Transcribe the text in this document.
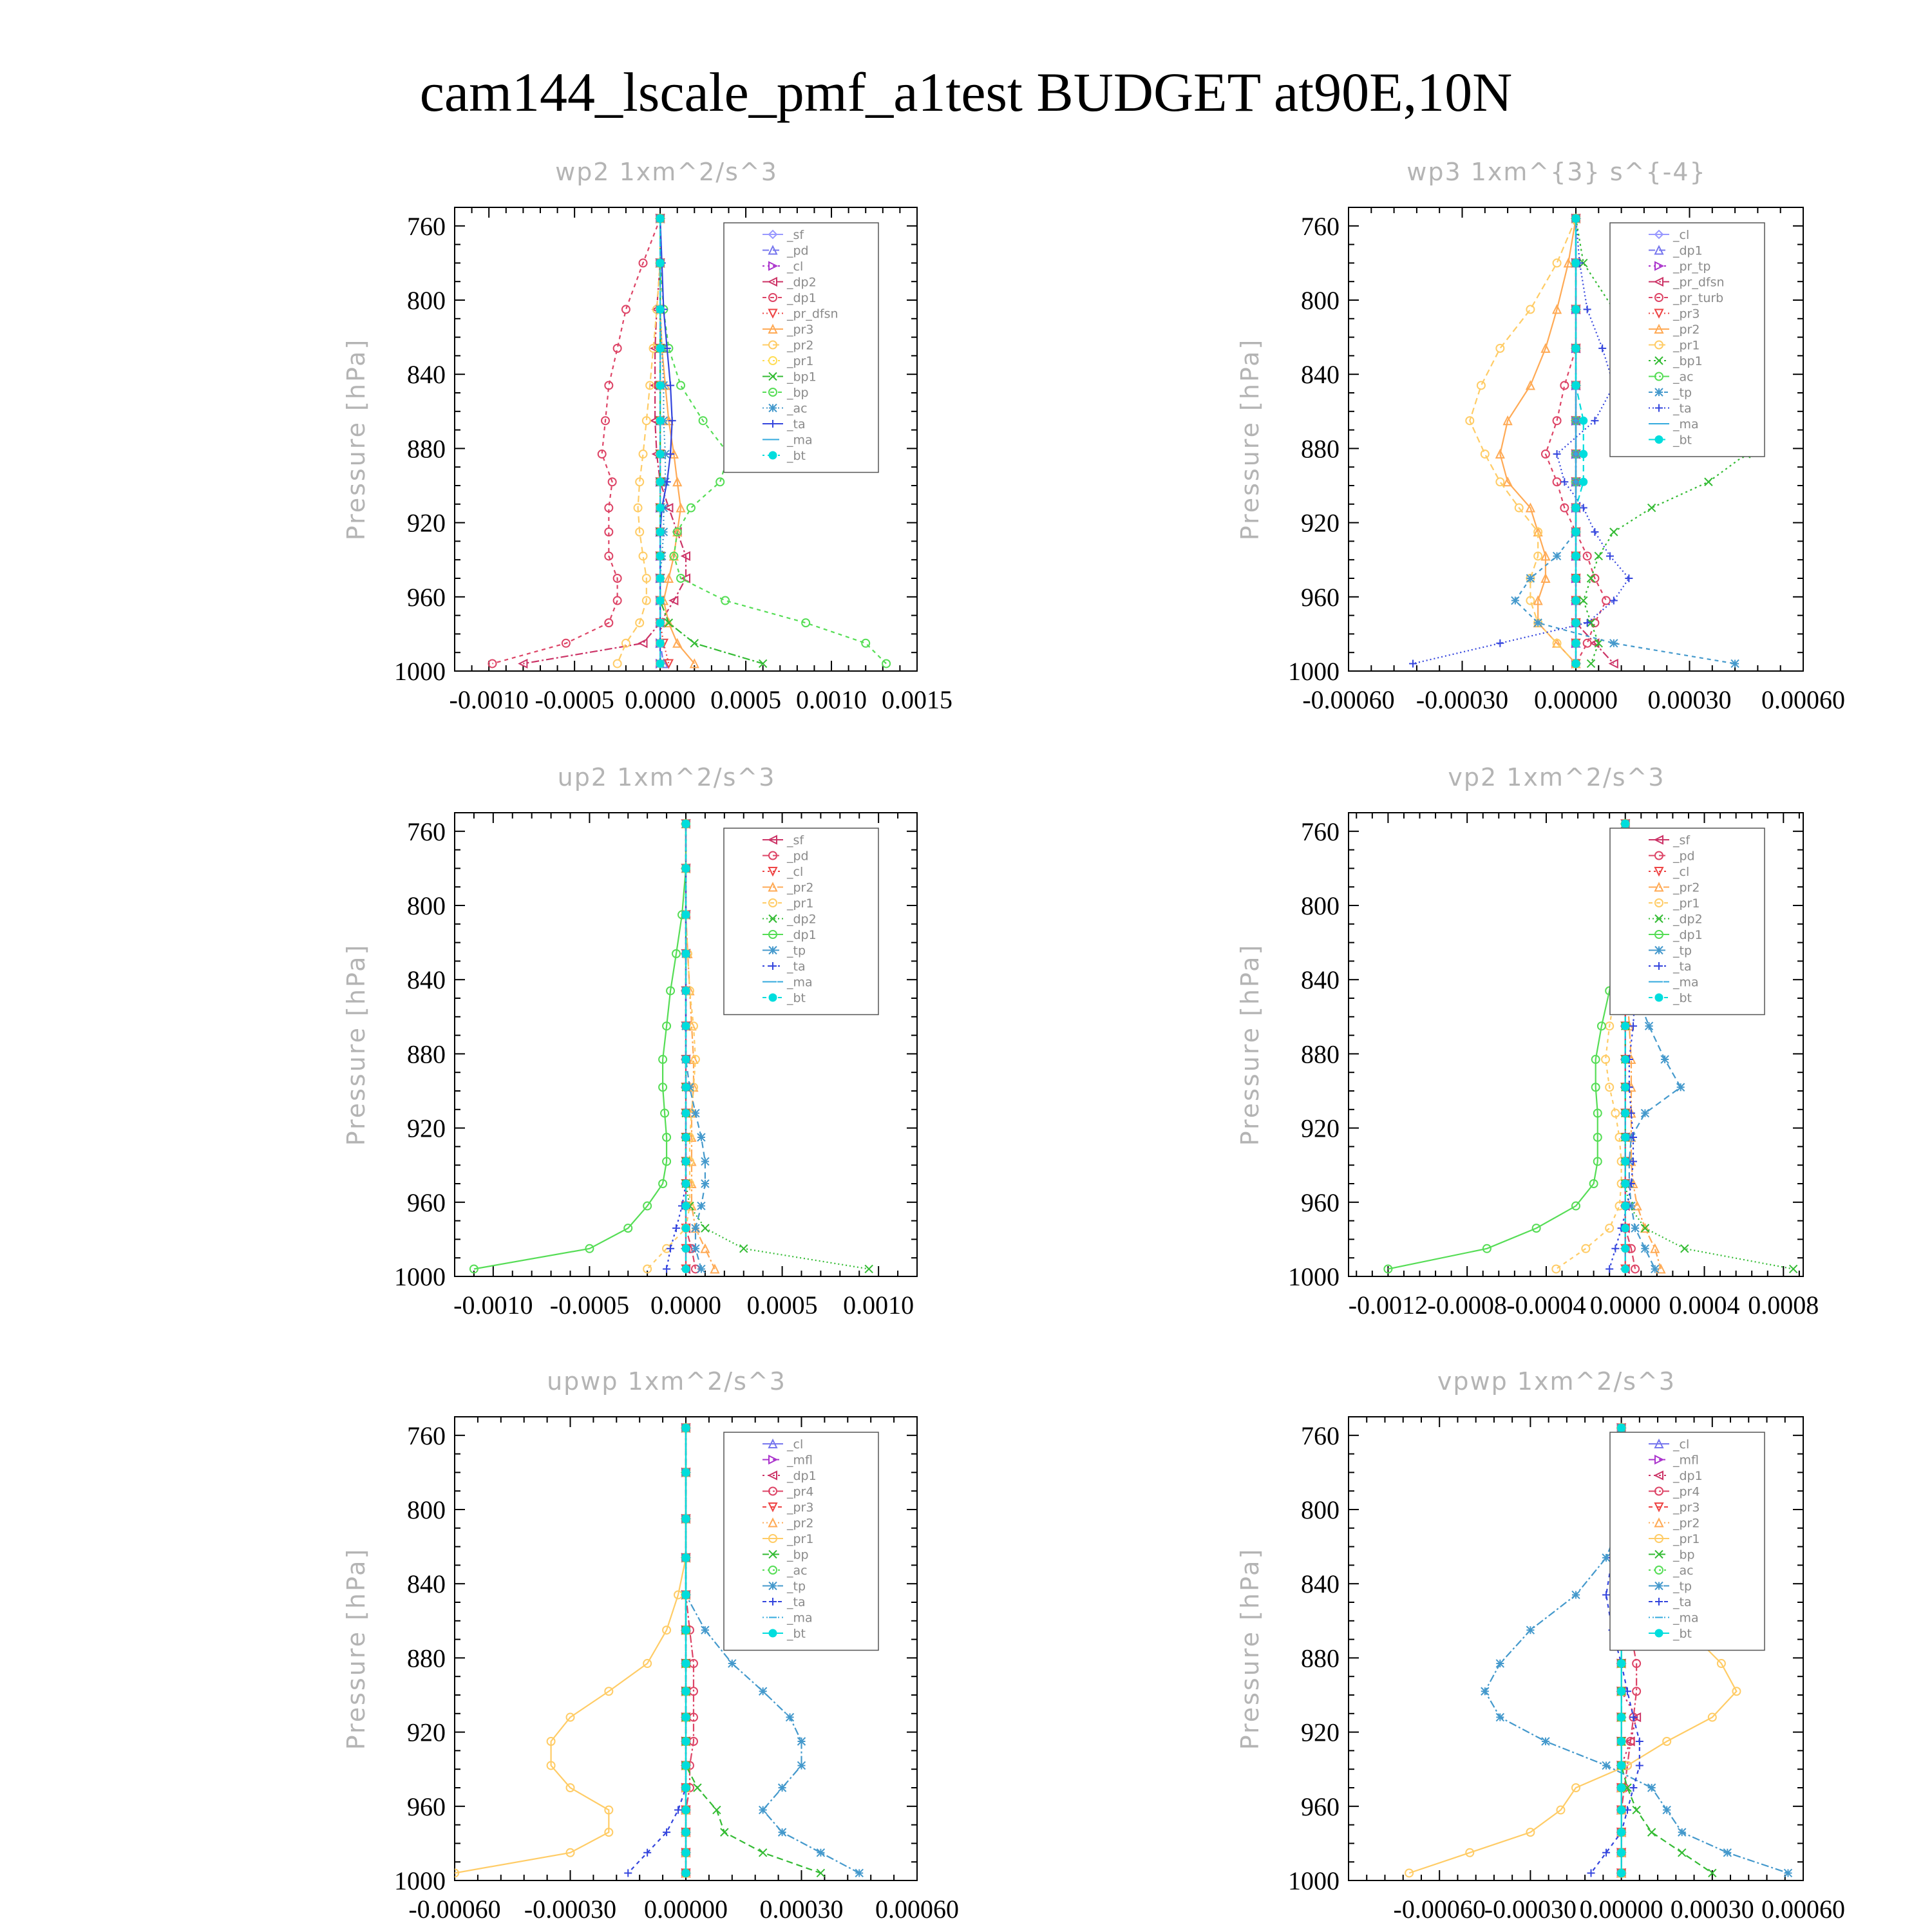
cam144_lscale_pmf_a1test BUDGET at90E,10N
wp2 1xm^2/s^3
Pressure [hPa]
760
800
840
880
920
960
1000
-0.0010 -0.0005 0.0000 0.0005 0.0010 0.0015
_sf
_pd
_cl
_dp2
_dp1
_pr_dfsn
_pr3
_pr2
_pr1
_bp1
_bp
_ac
_ta
_ma
_bt
wp3 1xm^{3} s^{-4}
Pressure [hPa]
760
800
840
880
920
960
1000
-0.00060 -0.00030 0.00000 0.00030 0.00060
_cl
_dp1
_pr_tp
_pr_dfsn
_pr_turb
_pr3
_pr2
_pr1
_bp1
_ac
_tp
_ta
_ma
_bt
up2 1xm^2/s^3
Pressure [hPa]
760
800
840
880
920
960
1000
-0.0010 -0.0005 0.0000 0.0005 0.0010
_sf
_pd
_cl
_pr2
_pr1
_dp2
_dp1
_tp
_ta
_ma
_bt
vp2 1xm^2/s^3
Pressure [hPa]
760
800
840
880
920
960
1000
-0.0012 -0.0008 -0.0004 0.0000 0.0004 0.0008
_sf
_pd
_cl
_pr2
_pr1
_dp2
_dp1
_tp
_ta
_ma
_bt
upwp 1xm^2/s^3
Pressure [hPa]
760
800
840
880
920
960
1000
-0.00060 -0.00030 0.00000 0.00030 0.00060
_cl
_mfl
_dp1
_pr4
_pr3
_pr2
_pr1
_bp
_ac
_tp
_ta
_ma
_bt
vpwp 1xm^2/s^3
Pressure [hPa]
760
800
840
880
920
960
1000
-0.00060
-0.00030 0.00000 0.00030 0.00060
_cl
_mfl
_dp1
_pr4
_pr3
_pr2
_pr1
_bp
_ac
_tp
_ta
_ma
_bt
